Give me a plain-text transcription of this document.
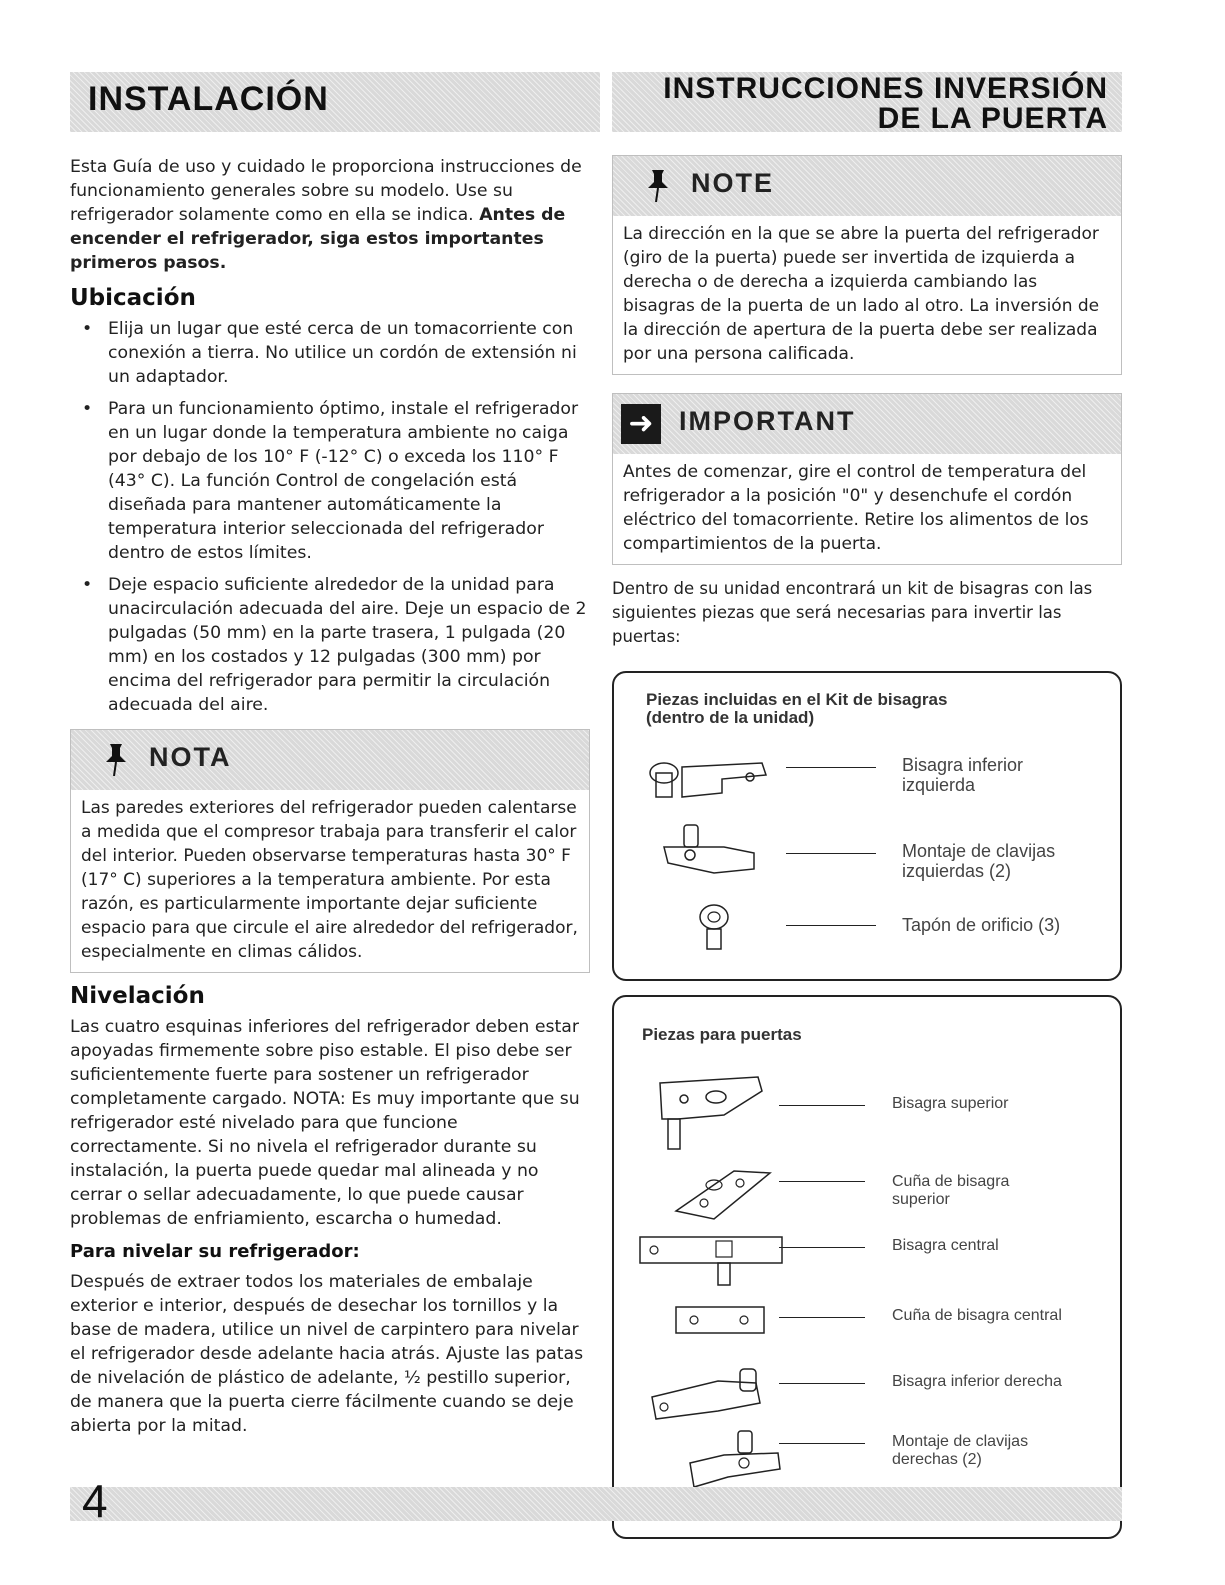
INSTALACIÓN	INSTRUCCIONES INVERSIÓN
DE LA PUERTA

Esta Guía de uso y cuidado le proporciona instrucciones de funcionamiento generales sobre su modelo. Use su refrigerador solamente como en ella se indica. Antes de encender el refrigerador, siga estos importantes primeros pasos.

Ubicación
• Elija un lugar que esté cerca de un tomacorriente con conexión a tierra. No utilice un cordón de extensión ni un adaptador.
• Para un funcionamiento óptimo, instale el refrigerador en un lugar donde la temperatura ambiente no caiga por debajo de los 10° F (-12° C) o exceda los 110° F (43° C). La función Control de congelación está diseñada para mantener automáticamente la temperatura interior seleccionada del refrigerador dentro de estos límites.
• Deje espacio suficiente alrededor de la unidad para unacirculación adecuada del aire. Deje un espacio de 2 pulgadas (50 mm) en la parte trasera, 1 pulgada (20 mm) en los costados y 12 pulgadas (300 mm) por encima del refrigerador para permitir la circulación adecuada del aire.
NOTA

Las paredes exteriores del refrigerador pueden calentarse a medida que el compresor trabaja para transferir el calor del interior. Pueden observarse temperaturas hasta 30° F (17° C) superiores a la temperatura ambiente. Por esta razón, es particularmente importante dejar suficiente espacio para que circule el aire alrededor del refrigerador, especialmente en climas cálidos.

Nivelación

Las cuatro esquinas inferiores del refrigerador deben estar apoyadas firmemente sobre piso estable. El piso debe ser suficientemente fuerte para sostener un refrigerador completamente cargado. NOTA: Es muy importante que su refrigerador esté nivelado para que funcione correctamente. Si no nivela el refrigerador durante su instalación, la puerta puede quedar mal alineada y no cerrar o sellar adecuadamente, lo que puede causar problemas de enfriamiento, escarcha o humedad.

Para nivelar su refrigerador:

Después de extraer todos los materiales de embalaje exterior e interior, después de desechar los tornillos y la base de madera, utilice un nivel de carpintero para nivelar el refrigerador desde adelante hacia atrás. Ajuste las patas de nivelación de plástico de adelante, ½ pestillo superior, de manera que la puerta cierre fácilmente cuando se deje abierta por la mitad.

NOTE

La dirección en la que se abre la puerta del refrigerador (giro de la puerta) puede ser invertida de izquierda a derecha o de derecha a izquierda cambiando las bisagras de la puerta de un lado al otro. La inversión de la dirección de apertura de la puerta debe ser realizada por una persona calificada.

➜ IMPORTANT

Antes de comenzar, gire el control de temperatura del refrigerador a la posición "0" y desenchufe el cordón eléctrico del tomacorriente. Retire los alimentos de los compartimientos de la puerta.

Dentro de su unidad encontrará un kit de bisagras con las siguientes piezas que será necesarias para invertir las puertas:

Piezas incluidas en el Kit de bisagras
(dentro de la unidad)
Bisagra inferior
izquierda
Montaje de clavijas
izquierdas (2)
Tapón de orificio (3)
Piezas para puertas
Bisagra superior
Cuña de bisagra
superior
Bisagra central
Cuña de bisagra central
Bisagra inferior derecha
Montaje de clavijas
derechas (2)
4
